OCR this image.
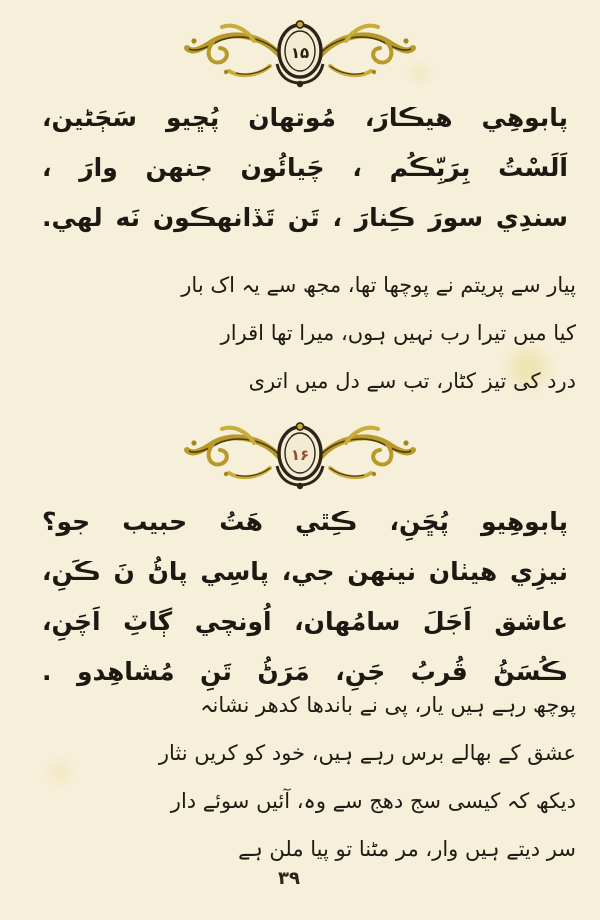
۱۵
پابوهِي هيڪارَ، مُوتهان پُڇيو سَڄَڻين،
اَلَسْتُ بِرَبِّڪُم ، چَيائُون جنهن وارَ ،
سندِي سورَ ڪِنارَ ، تَن تَڏانهڪون نَه لهي.
پیار سے پریتم نے پوچھا تھا، مجھ سے یہ اک بار
کیا میں تیرا رب نہیں ہوں، میرا تھا اقرار
درد کی تیز کٹار، تب سے دل میں اتری
۱۶
پابوهِيو پُڇَنِ، ڪِٿي هَتُ حبيب جو؟
نيزِي هيٺان نينهن جي، پاسِي پاڻُ نَ ڪَنِ،
عاشق اَجَلَ سامُهان، اُونچي ڳاٽِ اَچَنِ،
ڪُسَڻُ قُربُ جَنِ، مَرَڻُ تَنِ مُشاهِدو .
پوچھ رہے ہیں یار، پی نے باندھا کدھر نشانہ
عشق کے بھالے برس رہے ہیں، خود کو کریں نثار
دیکھ کہ کیسی سج دھج سے وہ، آئیں سوئے دار
سر دیتے ہیں وار، مر مٹنا تو پیا ملن ہے
۳۹
